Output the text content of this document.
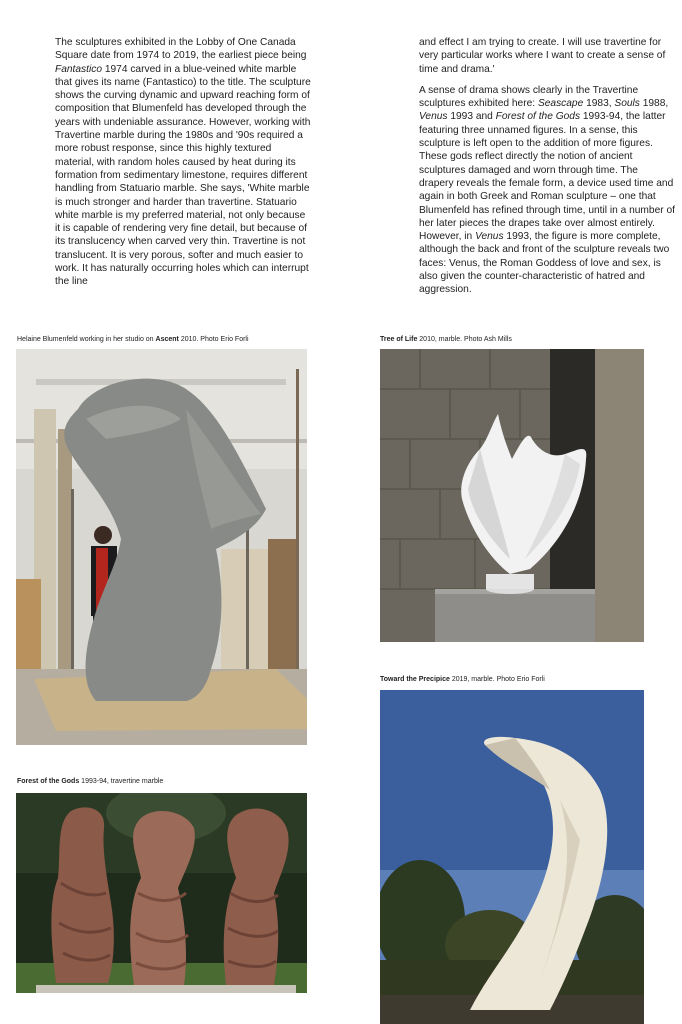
The sculptures exhibited in the Lobby of One Canada Square date from 1974 to 2019, the earliest piece being Fantastico 1974 carved in a blue-veined white marble that gives its name (Fantastico) to the title. The sculpture shows the curving dynamic and upward reaching form of composition that Blumenfeld has developed through the years with undeniable assurance. However, working with Travertine marble during the 1980s and '90s required a more robust response, since this highly textured material, with random holes caused by heat during its formation from sedimentary limestone, requires different handling from Statuario marble. She says, 'White marble is much stronger and harder than travertine. Statuario white marble is my preferred material, not only because it is capable of rendering very fine detail, but because of its translucency when carved very thin. Travertine is not translucent. It is very porous, softer and much easier to work. It has naturally occurring holes which can interrupt the line

and effect I am trying to create. I will use travertine for very particular works where I want to create a sense of time and drama.'

A sense of drama shows clearly in the Travertine sculptures exhibited here: Seascape 1983, Souls 1988, Venus 1993 and Forest of the Gods 1993-94, the latter featuring three unnamed figures. In a sense, this sculpture is left open to the addition of more figures. These gods reflect directly the notion of ancient sculptures damaged and worn through time. The drapery reveals the female form, a device used time and again in both Greek and Roman sculpture – one that Blumenfeld has refined through time, until in a number of her later pieces the drapes take over almost entirely. However, in Venus 1993, the figure is more complete, although the back and front of the sculpture reveals two faces: Venus, the Roman Goddess of love and sex, is also given the counter-characteristic of hatred and aggression.

Helaine Blumenfeld working in her studio on Ascent 2010. Photo Erio Forli	Tree of Life 2010, marble. Photo Ash Mills
Toward the Precipice 2019, marble. Photo Erio Forli
Forest of the Gods 1993-94, travertine marble
